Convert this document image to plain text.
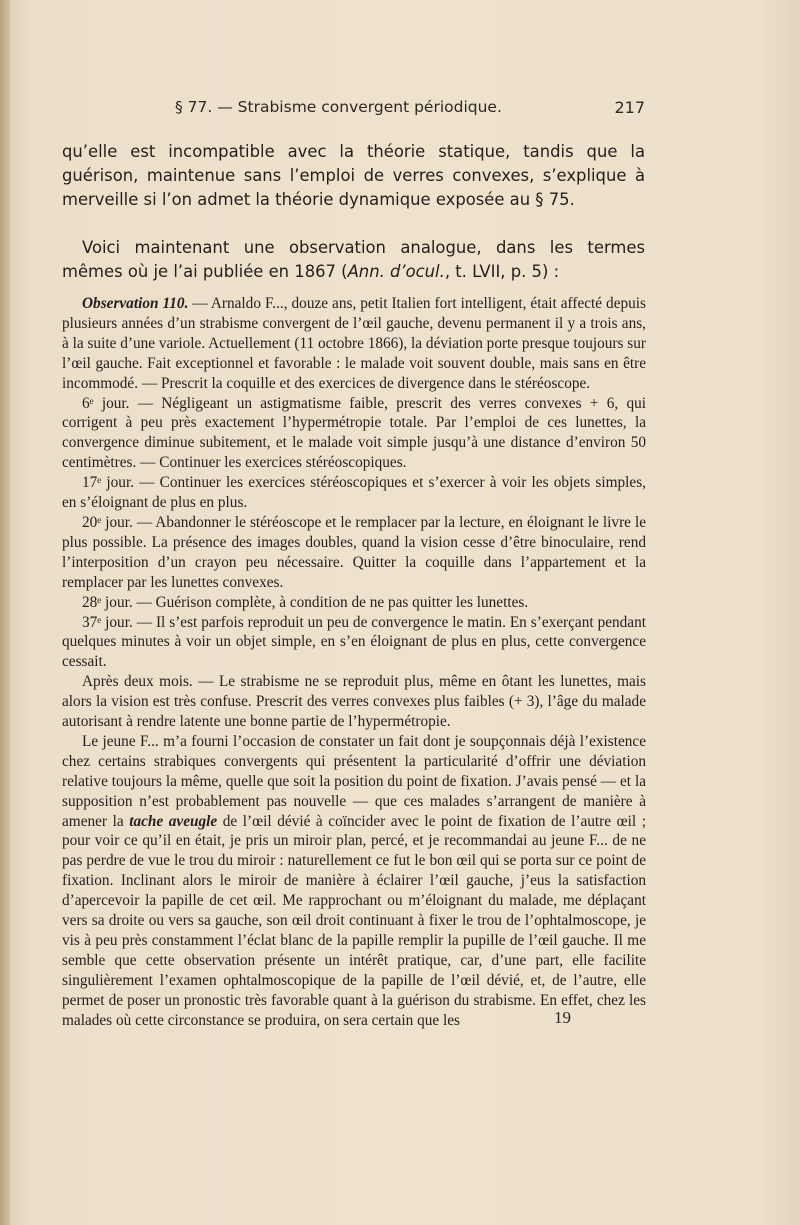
§ 77. — Strabisme convergent périodique.	217

qu’elle est incompatible avec la théorie statique, tandis que la guérison, maintenue sans l’emploi de verres convexes, s’explique à merveille si l’on admet la théorie dynamique exposée au § 75.

Voici maintenant une observation analogue, dans les termes mêmes où je l’ai publiée en 1867 (Ann. d’ocul., t. LVII, p. 5) :

Observation 110. — Arnaldo F..., douze ans, petit Italien fort intelligent, était affecté depuis plusieurs années d’un strabisme convergent de l’œil gauche, devenu permanent il y a trois ans, à la suite d’une variole. Actuellement (11 octobre 1866), la déviation porte presque toujours sur l’œil gauche. Fait exceptionnel et favorable : le malade voit souvent double, mais sans en être incommodé. — Prescrit la coquille et des exercices de divergence dans le stéréoscope.

6ᵉ jour. — Négligeant un astigmatisme faible, prescrit des verres convexes + 6, qui corrigent à peu près exactement l’hypermétropie totale. Par l’emploi de ces lunettes, la convergence diminue subitement, et le malade voit simple jusqu’à une distance d’environ 50 centimètres. — Continuer les exercices stéréoscopiques.

17ᵉ jour. — Continuer les exercices stéréoscopiques et s’exercer à voir les objets simples, en s’éloignant de plus en plus.

20ᵉ jour. — Abandonner le stéréoscope et le remplacer par la lecture, en éloignant le livre le plus possible. La présence des images doubles, quand la vision cesse d’être binoculaire, rend l’interposition d’un crayon peu nécessaire. Quitter la coquille dans l’appartement et la remplacer par les lunettes convexes.

28ᵉ jour. — Guérison complète, à condition de ne pas quitter les lunettes.

37ᵉ jour. — Il s’est parfois reproduit un peu de convergence le matin. En s’exerçant pendant quelques minutes à voir un objet simple, en s’en éloignant de plus en plus, cette convergence cessait.

Après deux mois. — Le strabisme ne se reproduit plus, même en ôtant les lunettes, mais alors la vision est très confuse. Prescrit des verres convexes plus faibles (+ 3), l’âge du malade autorisant à rendre latente une bonne partie de l’hypermétropie.

Le jeune F... m’a fourni l’occasion de constater un fait dont je soupçonnais déjà l’existence chez certains strabiques convergents qui présentent la particularité d’offrir une déviation relative toujours la même, quelle que soit la position du point de fixation. J’avais pensé — et la supposition n’est probablement pas nouvelle — que ces malades s’arrangent de manière à amener la tache aveugle de l’œil dévié à coïncider avec le point de fixation de l’autre œil ; pour voir ce qu’il en était, je pris un miroir plan, percé, et je recommandai au jeune F... de ne pas perdre de vue le trou du miroir : naturellement ce fut le bon œil qui se porta sur ce point de fixation. Inclinant alors le miroir de manière à éclairer l’œil gauche, j’eus la satisfaction d’apercevoir la papille de cet œil. Me rapprochant ou m’éloignant du malade, me déplaçant vers sa droite ou vers sa gauche, son œil droit continuant à fixer le trou de l’ophtalmoscope, je vis à peu près constamment l’éclat blanc de la papille remplir la pupille de l’œil gauche. Il me semble que cette observation présente un intérêt pratique, car, d’une part, elle facilite singulièrement l’examen ophtalmoscopique de la papille de l’œil dévié, et, de l’autre, elle permet de poser un pronostic très favorable quant à la guérison du strabisme. En effet, chez les malades où cette circonstance se produira, on sera certain que les	19
